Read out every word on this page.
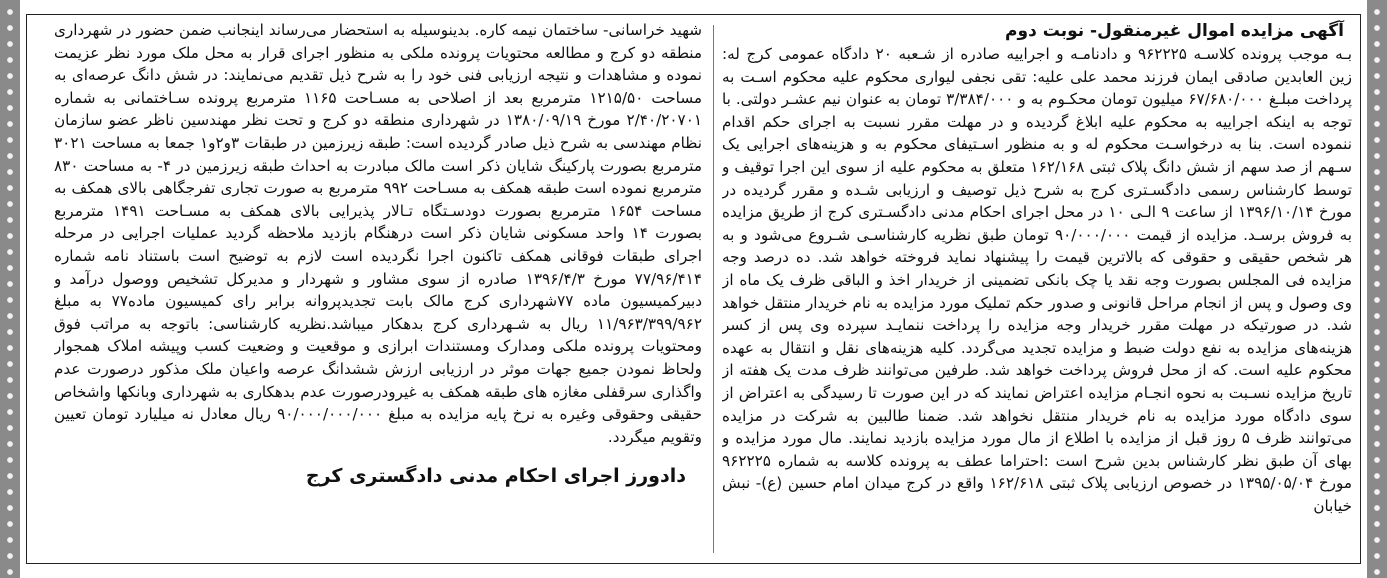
آگهی مزایده اموال غیرمنقول- نوبت دوم

بـه موجب پرونده کلاسـه ۹۶۲۲۲۵ و دادنامـه و اجراییه صادره از شـعبه ۲۰ دادگاه عمومی کرج له: زین العابدین صادقی ایمان فرزند محمد علی علیه: تقی نجفی لیواری محکوم علیه محکوم اسـت به پرداخت مبلـغ ۶۷/۶۸۰/۰۰۰ میلیون تومان محکـوم به و ۳/۳۸۴/۰۰۰ تومان به عنوان نیم عشـر دولتی. با توجه به اینکه اجراییه به محکوم علیه ابلاغ گردیده و در مهلت مقرر نسبت به اجرای حکم اقدام ننموده است. بنا به درخواسـت محکوم له و به منظور اسـتیفای محکوم به و هزینه‌های اجرایی یک سـهم از صد سهم از شش دانگ پلاک ثبتی ۱۶۲/۱۶۸ متعلق به محکوم علیه از سوی این اجرا توقیف و توسط کارشناس رسمی دادگسـتری کرج به شرح ذیل توصیف و ارزیابی شـده و مقرر گردیده در مورخ ۱۳۹۶/۱۰/۱۴ از ساعت ۹ الـی ۱۰ در محل اجرای احکام مدنی دادگسـتری کرج از طریق مزایده به فروش برسـد. مزایده از قیمت ۹۰/۰۰۰/۰۰۰ تومان طبق نظریه کارشناسـی شـروع می‌شود و به هر شخص حقیقی و حقوقی که بالاترین قیمت را پیشنهاد نماید فروخته خواهد شد. ده درصد وجه مزایده فی المجلس بصورت وجه نقد یا چک بانکی تضمینی از خریدار اخذ و الباقی ظرف یک ماه از وی وصول و پس از انجام مراحل قانونی و صدور حکم تملیک مورد مزایده به نام خریدار منتقل خواهد شد. در صورتیکه در مهلت مقرر خریدار وجه مزایده را پرداخت ننمایـد سپرده وی پس از کسر هزینه‌های مزایده به نفع دولت ضبط و مزایده تجدید می‌گردد. کلیه هزینه‌های نقل و انتقال به عهده محکوم علیه است. که از محل فروش پرداخت خواهد شد. طرفین می‌توانند ظرف مدت یک هفته از تاریخ مزایده نسـبت به نحوه انجـام مزایده اعتراض نمایند که در این صورت تا رسیدگی به اعتراض از سوی دادگاه مورد مزایده به نام خریدار منتقل نخواهد شد. ضمنا طالبین به شرکت در مزایده می‌توانند ظرف ۵ روز قبل از مزایده با اطلاع از مال مورد مزایده بازدید نمایند. مال مورد مزایده و بهای آن طبق نظر کارشناس بدین شرح است :احتراما عطف به پرونده کلاسه به شماره ۹۶۲۲۲۵ مورخ ۱۳۹۵/۰۵/۰۴ در خصوص ارزیابی پلاک ثبتی ۱۶۲/۶۱۸ واقع در کرج میدان امام حسین (ع)- نبش خیابان

شهید خراسانی- ساختمان نیمه کاره. بدینوسیله به استحضار می‌رساند اینجانب ضمن حضور در شهرداری منطقه دو کرج و مطالعه محتویات پرونده ملکی به منظور اجرای قرار به محل ملک مورد نظر عزیمت نموده و مشاهدات و نتیجه ارزیابی فنی خود را به شرح ذیل تقدیم می‌نمایند: در شش دانگ عرصه‌ای به مساحت ۱۲۱۵/۵۰ مترمربع بعد از اصلاحی به مسـاحت ۱۱۶۵ مترمربع پرونده سـاختمانی به شماره ۲/۴۰/۲۰۷۰۱ مورخ ۱۳۸۰/۰۹/۱۹ در شهرداری منطقه دو کرج و تحت نظر مهندسین ناظر عضو سازمان نظام مهندسی به شرح ذیل صادر گردیده است: طبقه زیرزمین در طبقات ۳و۲و۱ جمعا به مساحت ۳۰۲۱ مترمربع بصورت پارکینگ شایان ذکر است مالک مبادرت به احداث طبقه زیرزمین در ۴- به مساحت ۸۳۰ مترمربع نموده است طبقه همکف به مسـاحت ۹۹۲ مترمربع به صورت تجاری تفرجگاهی بالای همکف به مساحت ۱۶۵۴ مترمربع بصورت دودسـتگاه تـالار پذیرایی بالای همکف به مسـاحت ۱۴۹۱ مترمربع بصورت ۱۴ واحد مسکونی شایان ذکر است درهنگام بازدید ملاحظه گردید عملیات اجرایی در مرحله اجرای طبقات فوقانی همکف تاکنون اجرا نگردیده است لازم به توضیح است باستناد نامه شماره ۷۷/۹۶/۴۱۴ مورخ ۱۳۹۶/۴/۳ صادره از سوی مشاور و شهردار و مدیرکل تشخیص ووصول درآمد و دبیرکمیسیون ماده ۷۷شهرداری کرج مالک بابت تجدیدپروانه برابر رای کمیسیون ماده۷۷ به مبلغ ۱۱/۹۶۳/۳۹۹/۹۶۲ ریال به شـهرداری کرج بدهکار میباشد.نظریه کارشناسی: باتوجه به مراتب فوق ومحتویات پرونده ملکی ومدارک ومستندات ابرازی و موقعیت و وضعیت کسب وپیشه املاک همجوار ولحاظ نمودن جمیع جهات موثر در ارزیابی ارزش ششدانگ عرصه واعیان ملک مذکور درصورت عدم واگذاری سرقفلی مغازه های طبقه همکف به غیرودرصورت عدم بدهکاری به شهرداری وبانکها واشخاص حقیقی وحقوقی وغیره به نرخ پایه مزایده به مبلغ ۹۰/۰۰۰/۰۰۰/۰۰۰ ریال معادل نه میلیارد تومان تعیین وتقویم میگردد.

دادورز اجرای احکام مدنی دادگستری کرج
